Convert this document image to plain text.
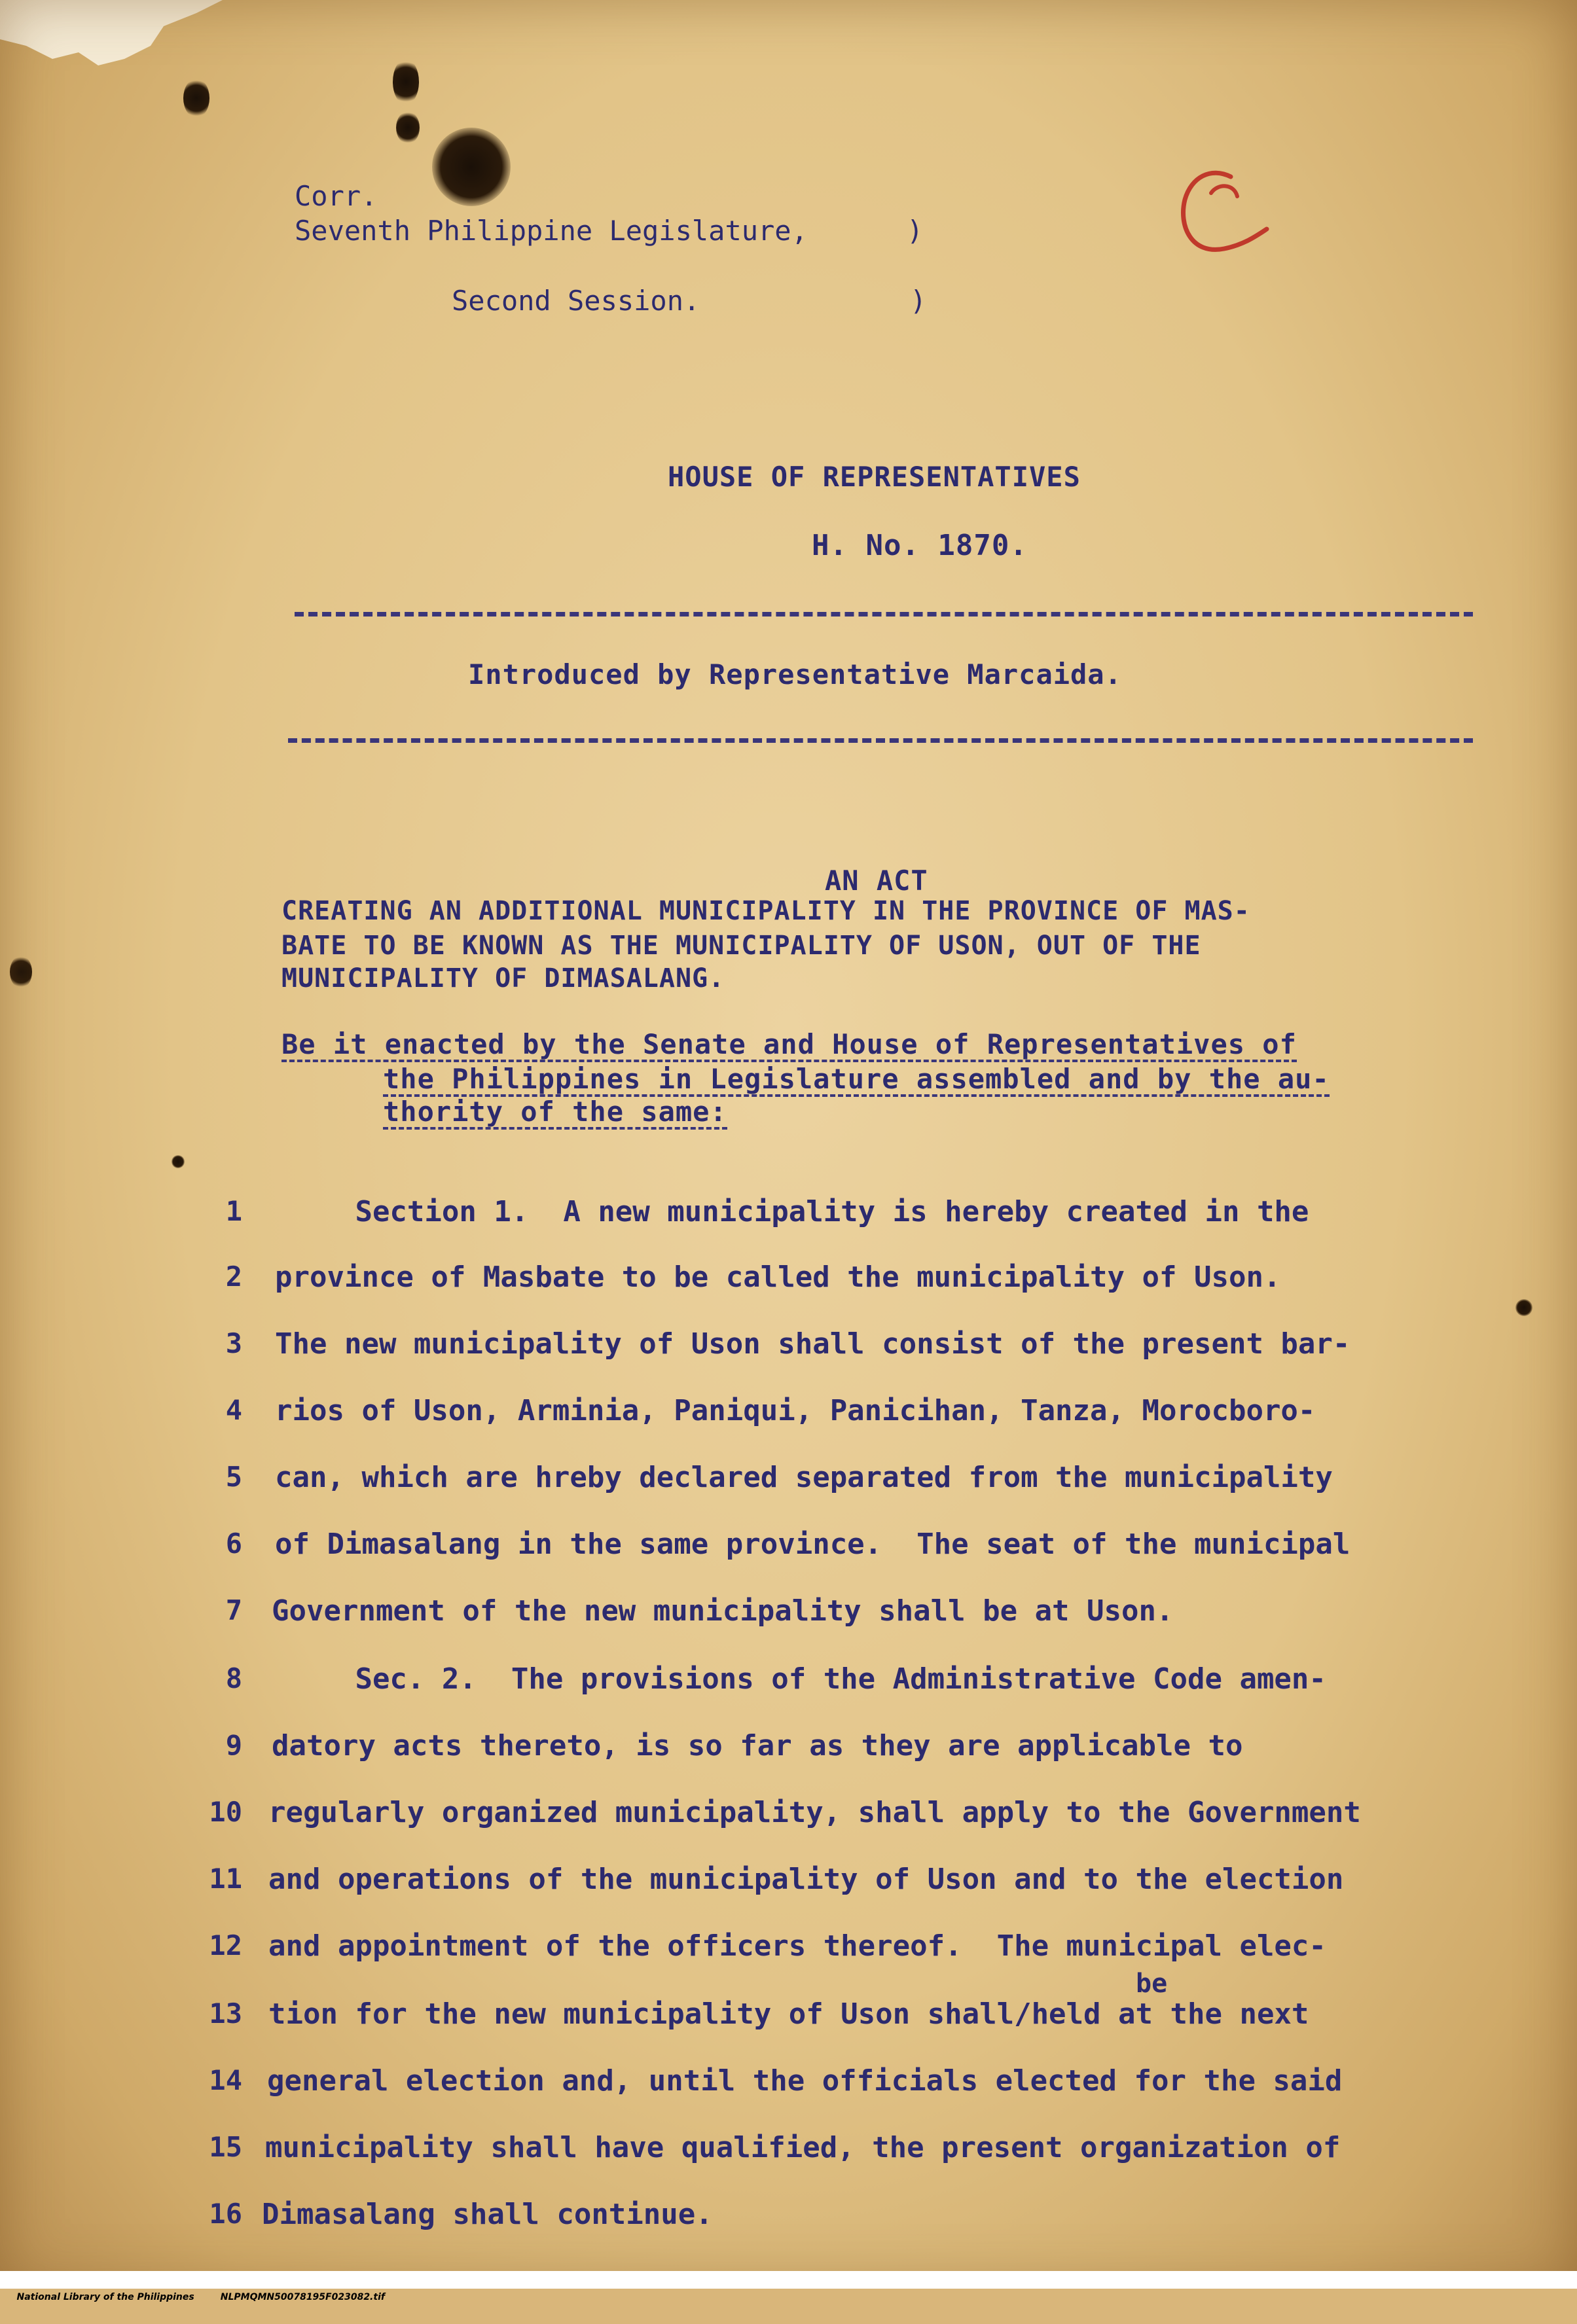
Corr.
Seventh Philippine Legislature,	)
Second Session.	)
HOUSE OF REPRESENTATIVES
H. No. 1870.
Introduced by Representative Marcaida.
AN ACT
CREATING AN ADDITIONAL MUNICIPALITY IN THE PROVINCE OF MAS-
BATE TO BE KNOWN AS THE MUNICIPALITY OF USON, OUT OF THE
MUNICIPALITY OF DIMASALANG.
Be it enacted by the Senate and House of Representatives of
the Philippines in Legislature assembled and by the au-
thority of the same:
1 Section 1.  A new municipality is hereby created in the
2 province of Masbate to be called the municipality of Uson.
3 The new municipality of Uson shall consist of the present bar-
4 rios of Uson, Arminia, Paniqui, Panicihan, Tanza, Morocboro-
5 can, which are hreby declared separated from the municipality
6 of Dimasalang in the same province.  The seat of the municipal
7 Government of the new municipality shall be at Uson.
8 Sec. 2.  The provisions of the Administrative Code amen-
9 datory acts thereto, is so far as they are applicable to
10 regularly organized municipality, shall apply to the Government
11 and operations of the municipality of Uson and to the election
12 and appointment of the officers thereof.  The municipal elec-
be
13 tion for the new municipality of Uson shall/held at the next
14 general election and, until the officials elected for the said
15 municipality shall have qualified, the present organization of
16 Dimasalang shall continue.

National Library of the Philippines	NLPMQMN50078195F023082.tif
